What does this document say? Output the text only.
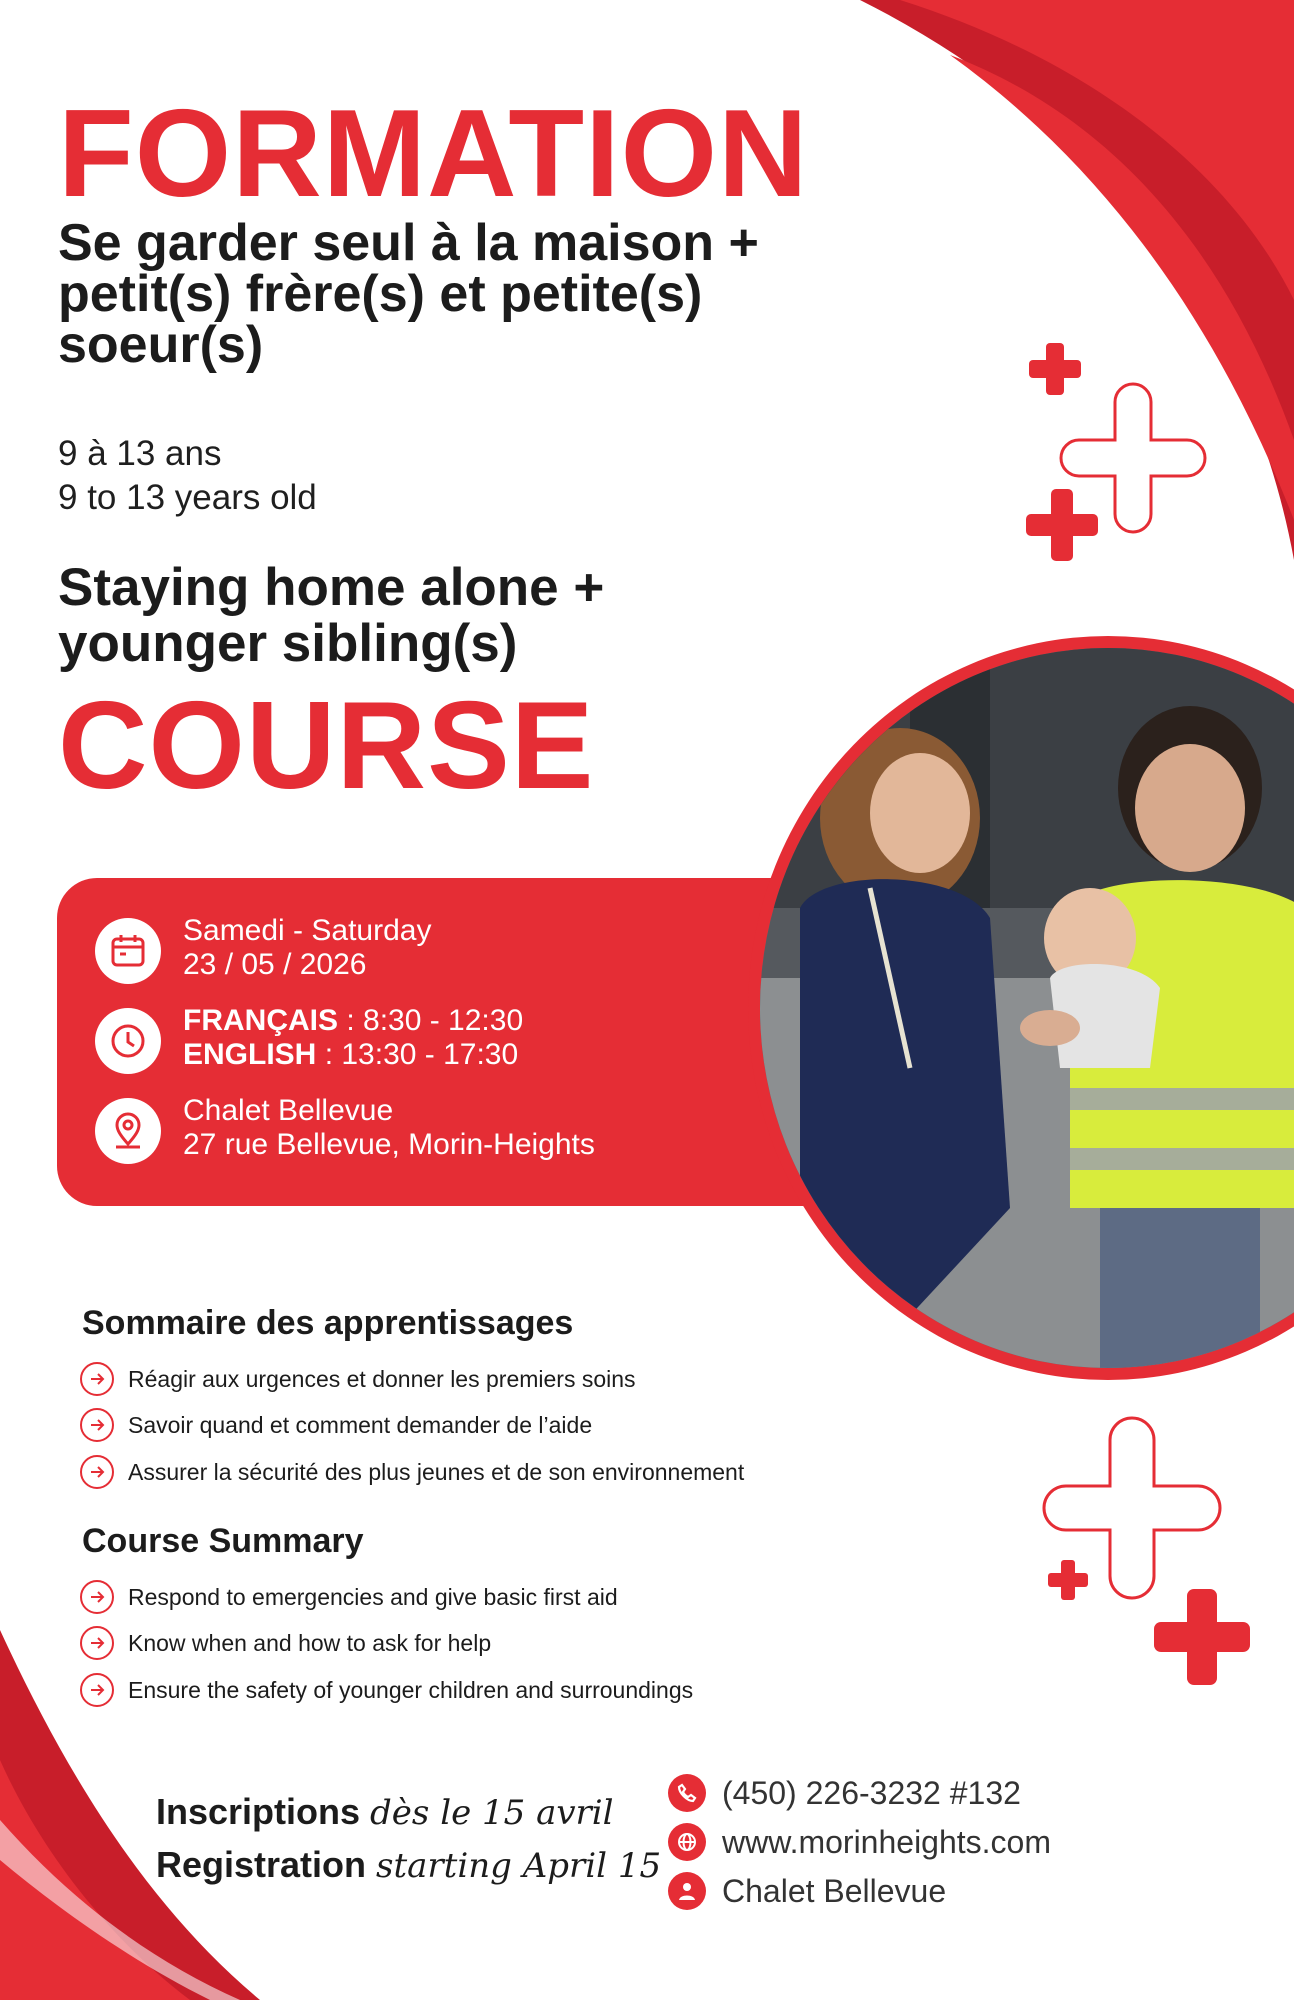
FORMATION
Se garder seul à la maison + petit(s) frère(s) et petite(s) soeur(s)
9 à 13 ans
9 to 13 years old
Staying home alone + younger sibling(s)
COURSE
Samedi - Saturday
23 / 05 / 2026
FRANÇAIS : 8:30 - 12:30
ENGLISH : 13:30 - 17:30
Chalet Bellevue
27 rue Bellevue, Morin-Heights
Sommaire des apprentissages
Réagir aux urgences et donner les premiers soins
Savoir quand et comment demander de l’aide
Assurer la sécurité des plus jeunes et de son environnement
Course Summary
Respond to emergencies and give basic first aid
Know when and how to ask for help
Ensure the safety of younger children and surroundings
Inscriptions dès le 15 avril
Registration starting April 15
(450) 226-3232 #132
www.morinheights.com
Chalet Bellevue
